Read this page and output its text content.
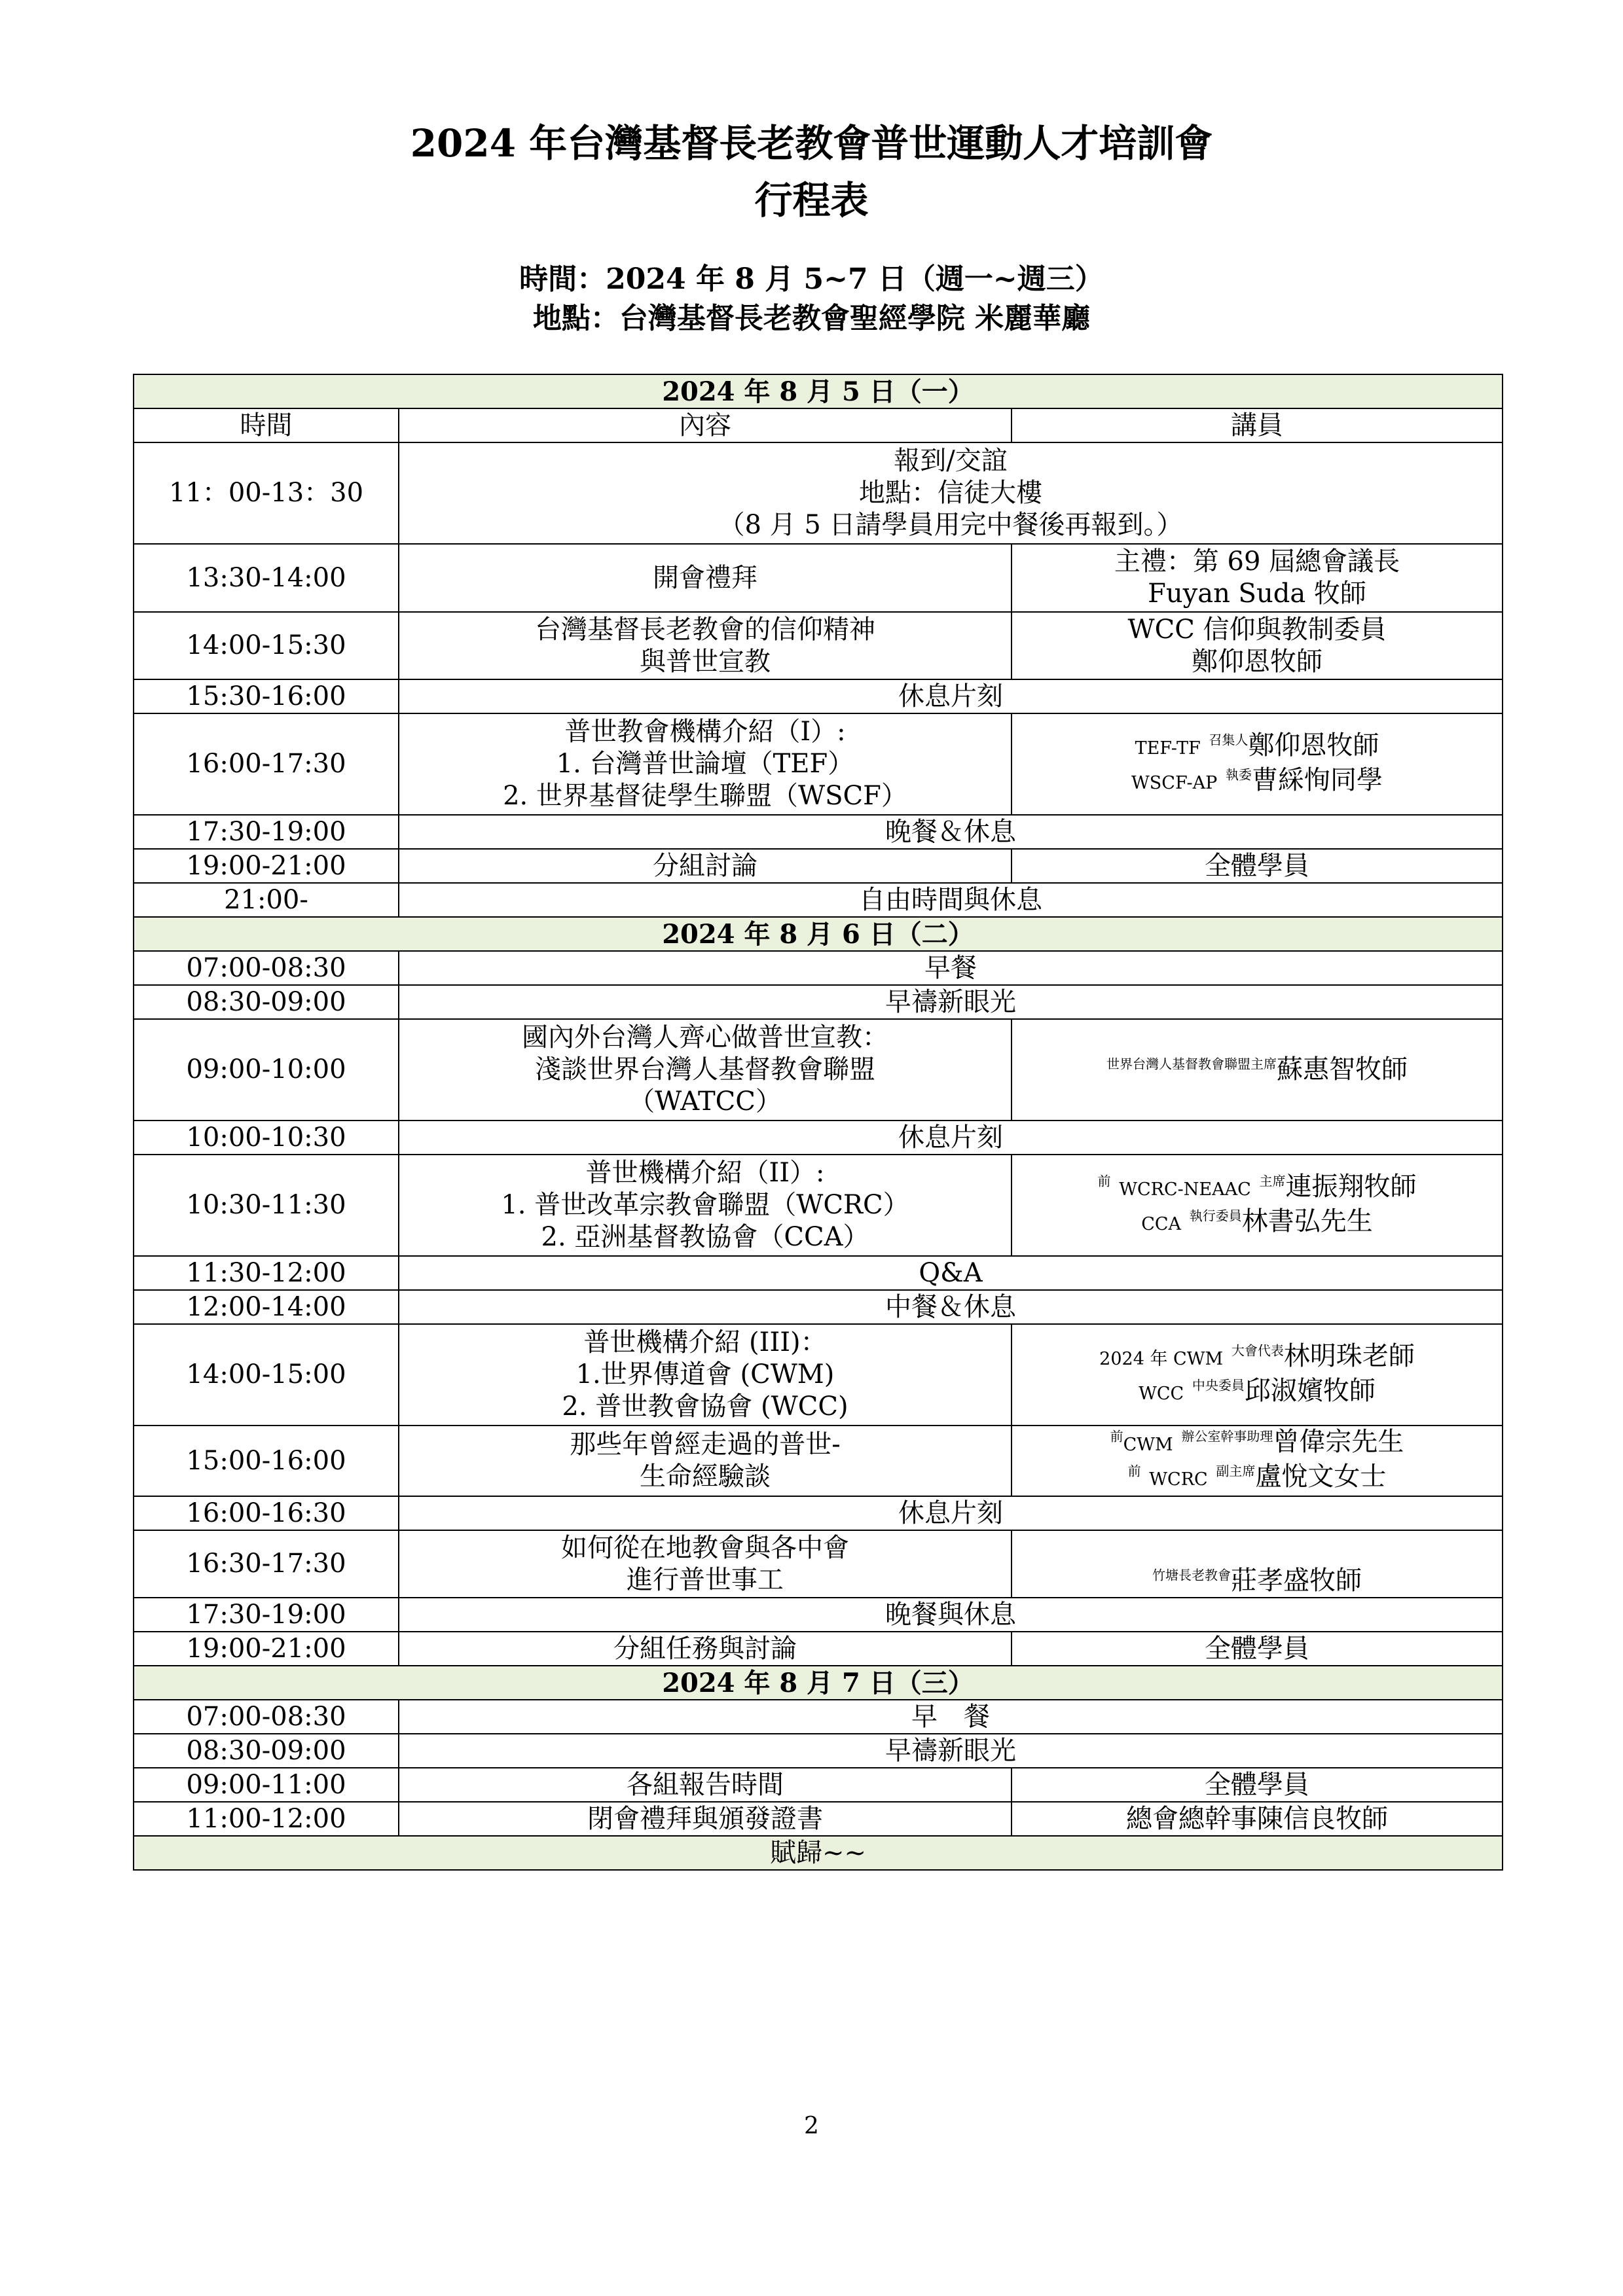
2024 年台灣基督長老教會普世運動人才培訓會
行程表
時間：2024 年 8 月 5~7 日（週一~週三）
地點：台灣基督長老教會聖經學院 米麗華廳
2024 年 8 月 5 日（一）		
時間	內容	講員
11：00-13：30	報到/交誼
地點：信徒大樓
（8 月 5 日請學員用完中餐後再報到。）	

13:30-14:00	開會禮拜	主禮：第 69 屆總會議長
Fuyan Suda 牧師

14:00-15:30	台灣基督長老教會的信仰精神
與普世宣教	WCC 信仰與教制委員
鄭仰恩牧師

15:30-16:00	休息片刻	
16:00-17:30	普世教會機構介紹（I）:
1. 台灣普世論壇（TEF）
2. 世界基督徒學生聯盟（WSCF）	TEF-TF $^{召集人}$鄭仰恩牧師
WSCF-AP $^{執委}$曹綵恂同學

17:30-19:00	晚餐＆休息	
19:00-21:00	分組討論	全體學員
21:00-	自由時間與休息	
2024 年 8 月 6 日（二）		
07:00-08:30	早餐	
08:30-09:00	早禱新眼光	
09:00-10:00	國內外台灣人齊心做普世宣教：
淺談世界台灣人基督教會聯盟
（WATCC）	$^{世界台灣人基督教會聯盟主席}$蘇惠智牧師
10:00-10:30	休息片刻	
10:30-11:30	普世機構介紹（II）:
1. 普世改革宗教會聯盟（WCRC）
2. 亞洲基督教協會（CCA）	$^前$ WCRC-NEAAC $^{主席}$連振翔牧師
CCA $^{執行委員}$林書弘先生

11:30-12:00	Q&A	
12:00-14:00	中餐＆休息	
14:00-15:00	普世機構介紹 (III)：
1.世界傳道會 (CWM)
2. 普世教會協會 (WCC)	2024 年 CWM $^{大會代表}$林明珠老師
WCC $^{中央委員}$邱淑嬪牧師

15:00-16:00	那些年曾經走過的普世-
生命經驗談	$^前$CWM $^{辦公室幹事助理}$曾偉宗先生
$^前$ WCRC $^{副主席}$盧悅文女士

16:00-16:30	休息片刻	
16:30-17:30	如何從在地教會與各中會
進行普世事工	$^{竹塘長老教會}$莊孝盛牧師
17:30-19:00	晚餐與休息	
19:00-21:00	分組任務與討論	全體學員
2024 年 8 月 7 日（三）		
07:00-08:30	早　餐	
08:30-09:00	早禱新眼光	
09:00-11:00	各組報告時間	全體學員
11:00-12:00	閉會禮拜與頒發證書	總會總幹事陳信良牧師
賦歸~~		
2
